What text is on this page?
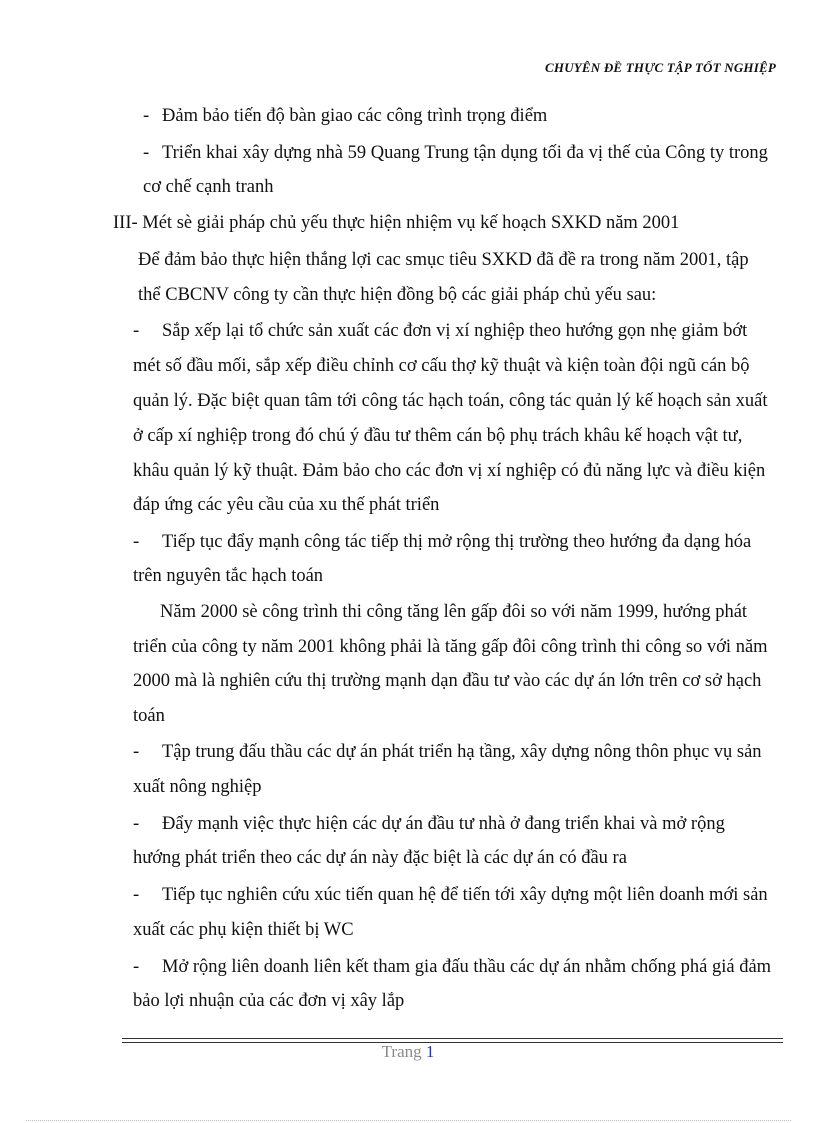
CHUYÊN ĐỀ THỰC TẬP TỐT NGHIỆP
- Đảm bảo tiến độ bàn giao các công trình trọng điểm
- Triển khai xây dựng nhà 59 Quang Trung tận dụng tối đa vị thế của Công ty trong
cơ chế cạnh tranh
III- Mét sè giải pháp chủ yếu thực hiện nhiệm vụ kế hoạch SXKD năm 2001
Để đảm bảo thực hiện thắng lợi cac smục tiêu SXKD đã đề ra trong năm 2001, tập
thể CBCNV công ty cần thực hiện đồng bộ các giải pháp chủ yếu sau:
- Sắp xếp lại tổ chức sản xuất các đơn vị xí nghiệp theo hướng gọn nhẹ giảm bớt
mét số đầu mối, sắp xếp điều chỉnh cơ cấu thợ kỹ thuật và kiện toàn đội ngũ cán bộ
quản lý. Đặc biệt quan tâm tới công tác hạch toán, công tác quản lý kế hoạch sản xuất
ở cấp xí nghiệp trong đó chú ý đầu tư thêm cán bộ phụ trách khâu kế hoạch vật tư,
khâu quản lý kỹ thuật. Đảm bảo cho các đơn vị xí nghiệp có đủ năng lực và điều kiện
đáp ứng các yêu cầu của xu thế phát triển
- Tiếp tục đẩy mạnh công tác tiếp thị mở rộng thị trường theo hướng đa dạng hóa
trên nguyên tắc hạch toán
Năm 2000 sè công trình thi công tăng lên gấp đôi so với năm 1999, hướng phát
triển của công ty năm 2001 không phải là tăng gấp đôi công trình thi công so với năm
2000 mà là nghiên cứu thị trường mạnh dạn đầu tư vào các dự án lớn trên cơ sở hạch
toán
- Tập trung đấu thầu các dự án phát triển hạ tầng, xây dựng nông thôn phục vụ sản
xuất nông nghiệp
- Đẩy mạnh việc thực hiện các dự án đầu tư nhà ở đang triển khai và mở rộng
hướng phát triển theo các dự án này đặc biệt là các dự án có đầu ra
- Tiếp tục nghiên cứu xúc tiến quan hệ để tiến tới xây dựng một liên doanh mới sản
xuất các phụ kiện thiết bị WC
- Mở rộng liên doanh liên kết tham gia đấu thầu các dự án nhằm chống phá giá đảm
bảo lợi nhuận của các đơn vị xây lắp
Trang 1
